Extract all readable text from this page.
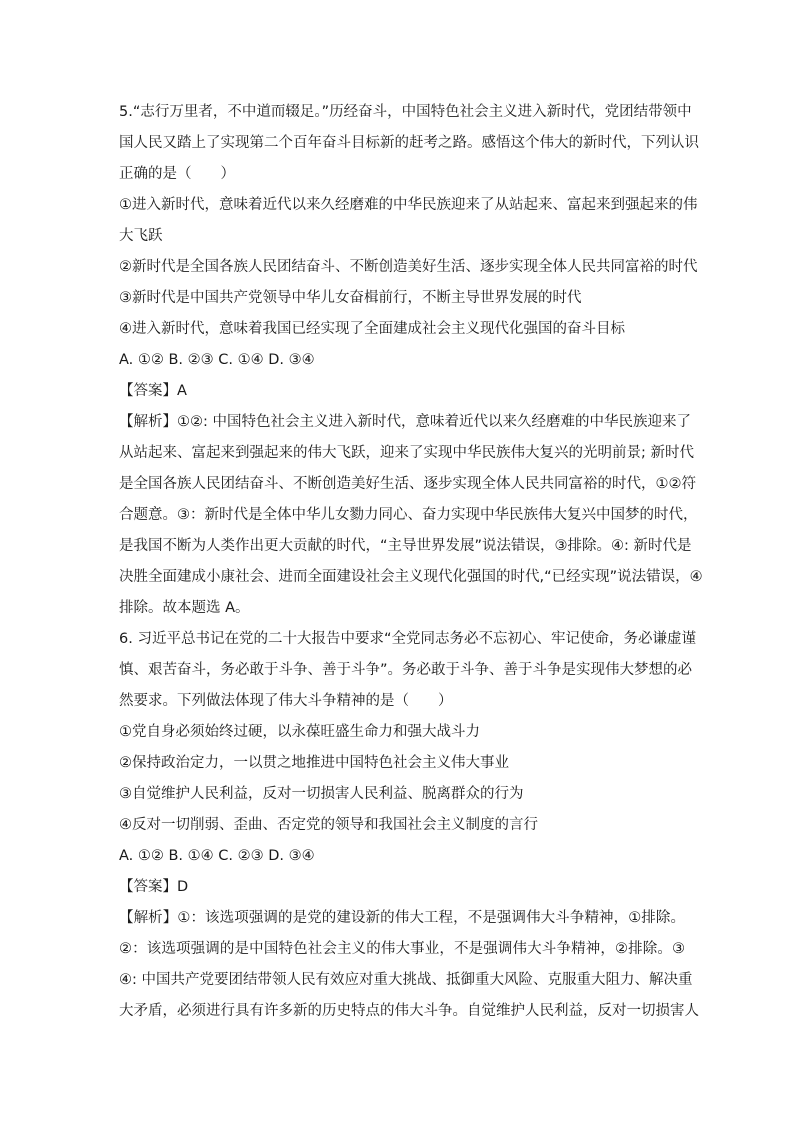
5.“志行万里者，不中道而辍足。”历经奋斗，中国特色社会主义进入新时代，党团结带领中
国人民又踏上了实现第二个百年奋斗目标新的赶考之路。感悟这个伟大的新时代，下列认识
正确的是（　　）
①进入新时代，意味着近代以来久经磨难的中华民族迎来了从站起来、富起来到强起来的伟
大飞跃
②新时代是全国各族人民团结奋斗、不断创造美好生活、逐步实现全体人民共同富裕的时代
③新时代是中国共产党领导中华儿女奋楫前行，不断主导世界发展的时代
④进入新时代，意味着我国已经实现了全面建成社会主义现代化强国的奋斗目标
A. ①② B. ②③ C. ①④ D. ③④
【答案】A
【解析】①②: 中国特色社会主义进入新时代，意味着近代以来久经磨难的中华民族迎来了
从站起来、富起来到强起来的伟大飞跃，迎来了实现中华民族伟大复兴的光明前景; 新时代
是全国各族人民团结奋斗、不断创造美好生活、逐步实现全体人民共同富裕的时代，①②符
合题意。③：新时代是全体中华儿女勠力同心、奋力实现中华民族伟大复兴中国梦的时代，
是我国不断为人类作出更大贡献的时代，“主导世界发展”说法错误，③排除。④: 新时代是
决胜全面建成小康社会、进而全面建设社会主义现代化强国的时代,“已经实现”说法错误，④
排除。故本题选 A。
6. 习近平总书记在党的二十大报告中要求“全党同志务必不忘初心、牢记使命，务必谦虚谨
慎、艰苦奋斗，务必敢于斗争、善于斗争”。务必敢于斗争、善于斗争是实现伟大梦想的必
然要求。下列做法体现了伟大斗争精神的是（　　）
①党自身必须始终过硬，以永葆旺盛生命力和强大战斗力
②保持政治定力，一以贯之地推进中国特色社会主义伟大事业
③自觉维护人民利益，反对一切损害人民利益、脱离群众的行为
④反对一切削弱、歪曲、否定党的领导和我国社会主义制度的言行
A. ①② B. ①④ C. ②③ D. ③④
【答案】D
【解析】①：该选项强调的是党的建设新的伟大工程，不是强调伟大斗争精神，①排除。
②：该选项强调的是中国特色社会主义的伟大事业，不是强调伟大斗争精神，②排除。③
④: 中国共产党要团结带领人民有效应对重大挑战、抵御重大风险、克服重大阻力、解决重
大矛盾，必须进行具有许多新的历史特点的伟大斗争。自觉维护人民利益，反对一切损害人
